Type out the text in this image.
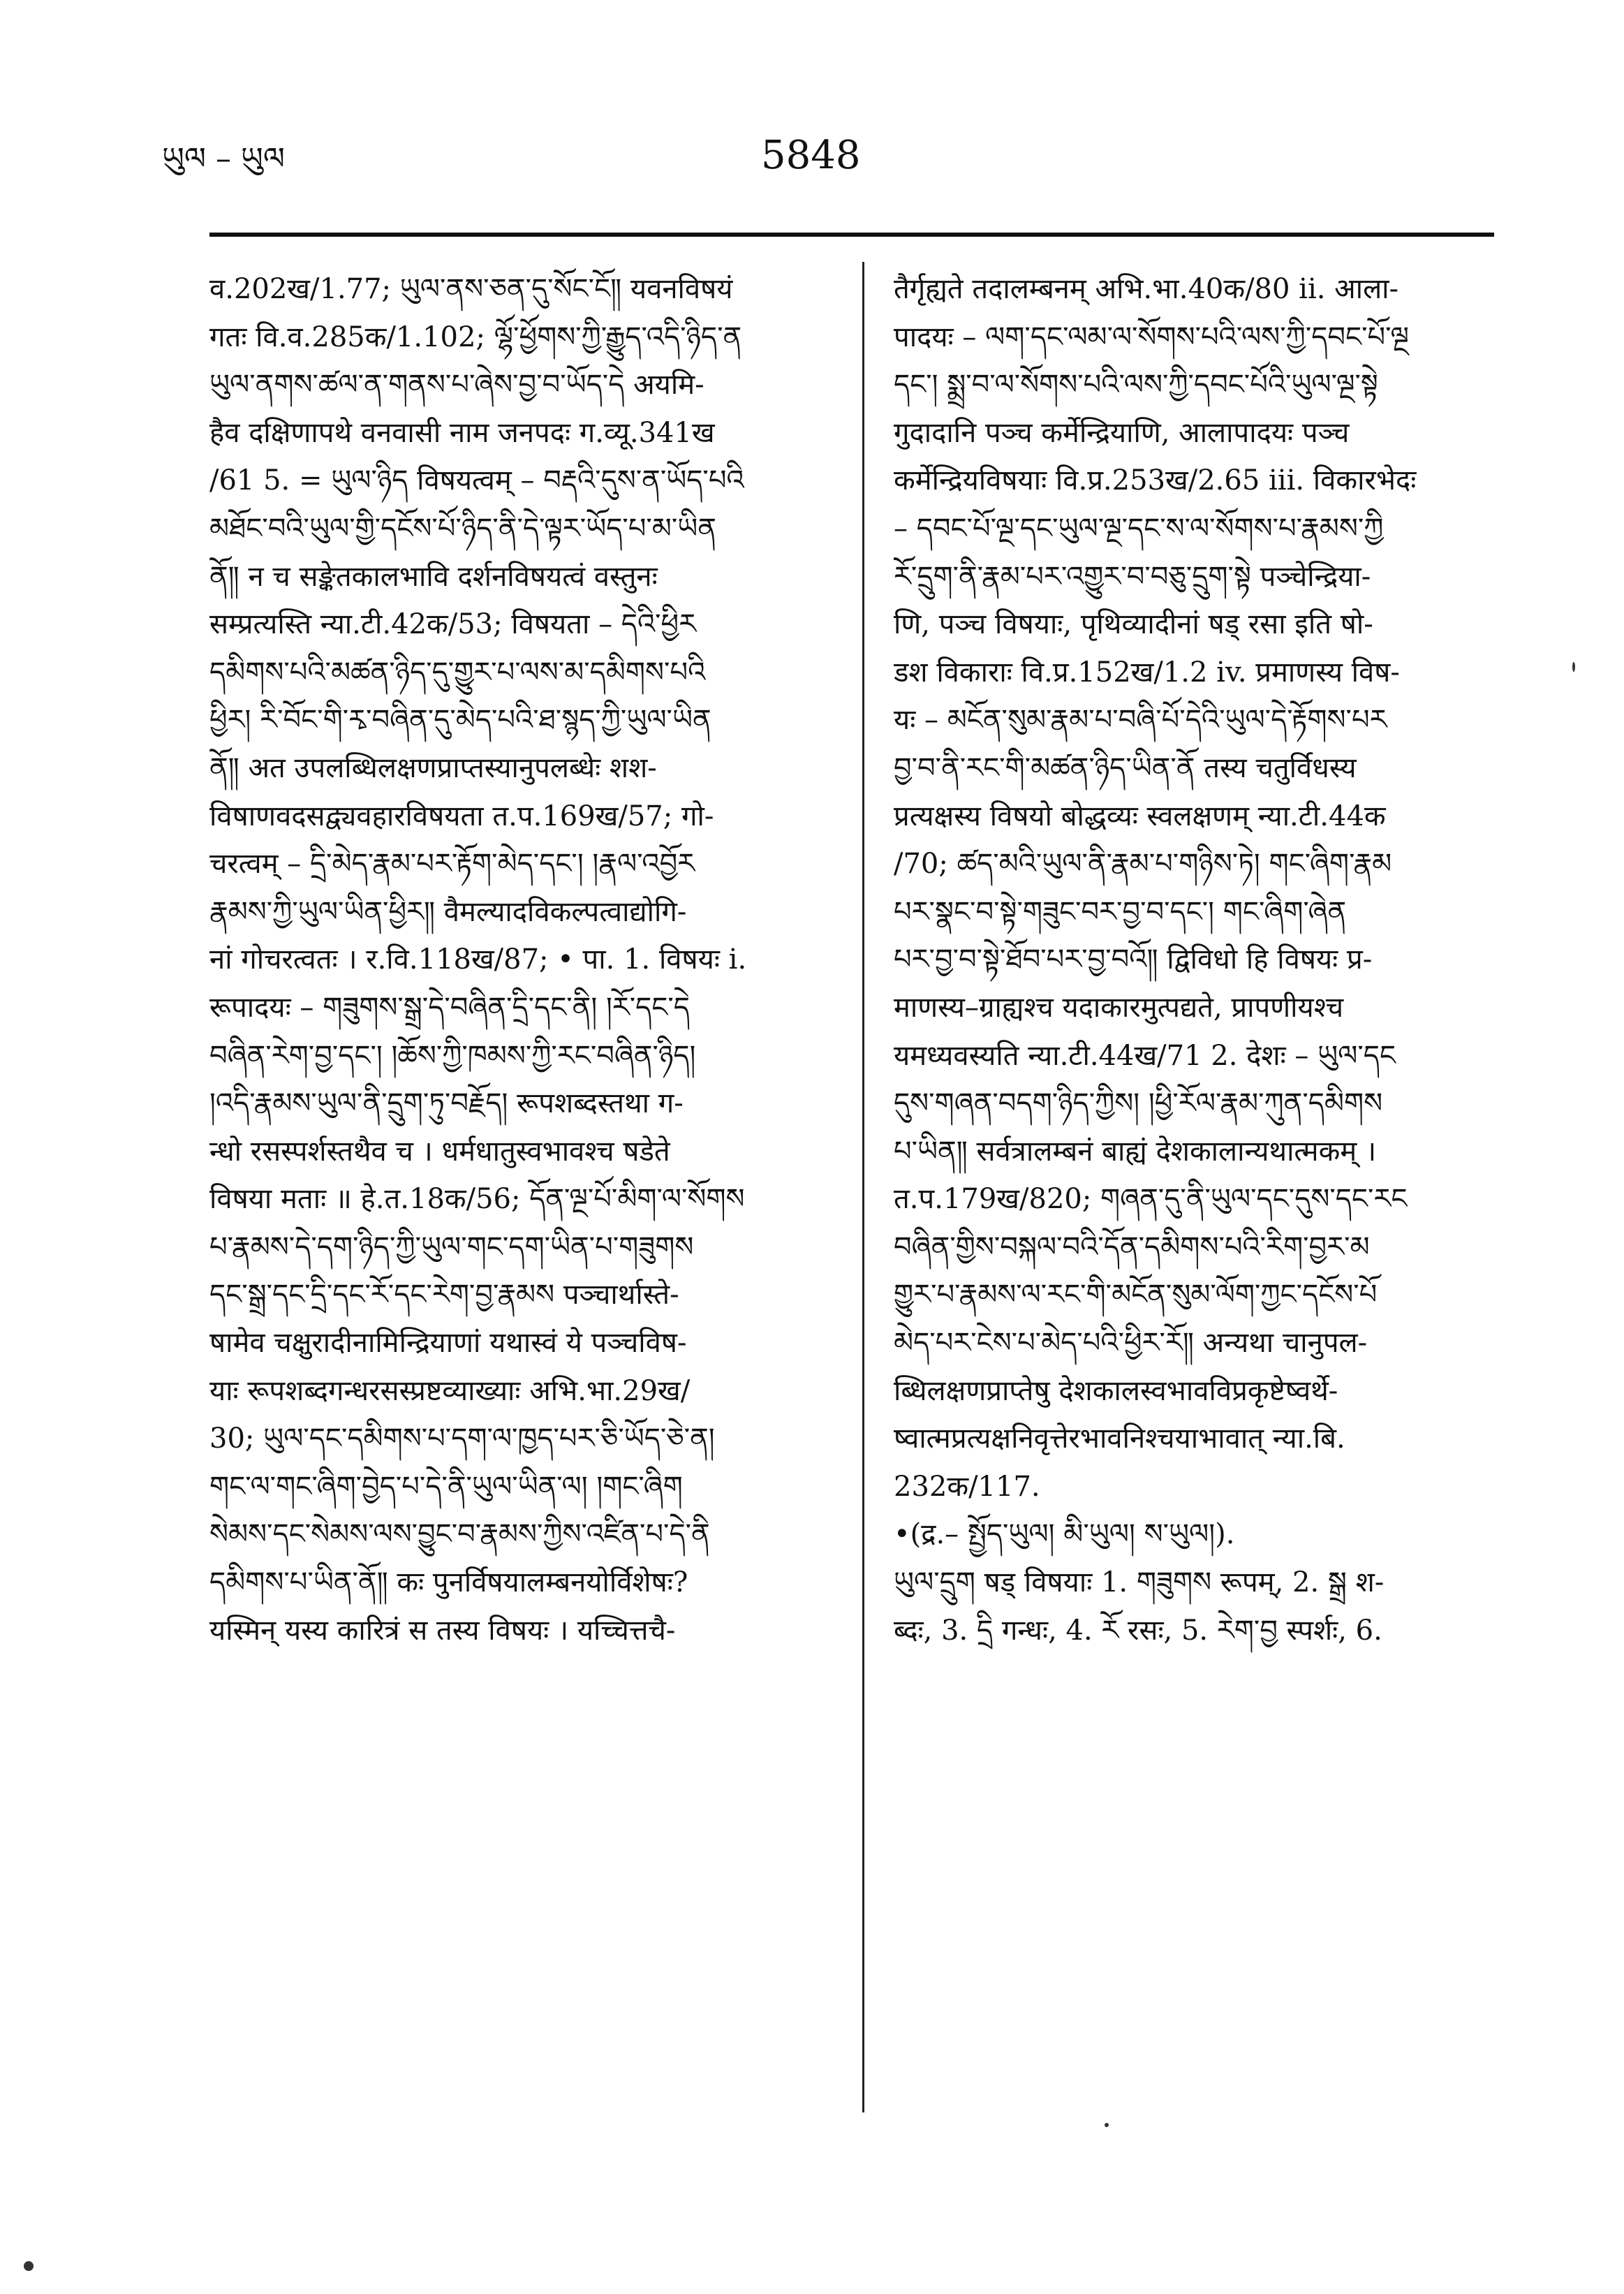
ཡུལ – ཡུལ	5848
व.202ख/1.77; ཡུལ་ནས་ཅན་དུ་སོང་ངོ༎ यवनविषयं
गतः वि.व.285क/1.102; ལྷོ་ཕྱོགས་ཀྱི་རྒྱུད་འདི་ཉིད་ན
ཡུལ་ནགས་ཚལ་ན་གནས་པ་ཞེས་བྱ་བ་ཡོད་དེ अयमि-
हैव दक्षिणापथे वनवासी नाम जनपदः ग.व्यू.341ख
/61 5. = ཡུལ་ཉིད विषयत्वम् – བརྡའི་དུས་ན་ཡོད་པའི
མཐོང་བའི་ཡུལ་གྱི་དངོས་པོ་ཉིད་ནི་དེ་ལྟར་ཡོད་པ་མ་ཡིན
ནོ༎ न च सङ्केतकालभावि दर्शनविषयत्वं वस्तुनः
सम्प्रत्यस्ति न्या.टी.42क/53; विषयता – དེའི་ཕྱིར
དམིགས་པའི་མཚན་ཉིད་དུ་གྱུར་པ་ལས་མ་དམིགས་པའི
ཕྱིར། རི་བོང་གི་རྭ་བཞིན་དུ་མེད་པའི་ཐ་སྙད་ཀྱི་ཡུལ་ཡིན
ནོ༎ अत उपलब्धिलक्षणप्राप्तस्यानुपलब्धेः शश-
विषाणवदसद्व्यवहारविषयता त.प.169ख/57; गो-
चरत्वम् – དྲི་མེད་རྣམ་པར་རྟོག་མེད་དང་། །རྣལ་འབྱོར
རྣམས་ཀྱི་ཡུལ་ཡིན་ཕྱིར༎ वैमल्यादविकल्पत्वाद्योगि-
नां गोचरत्वतः । र.वि.118ख/87; • पा. 1. विषयः i.
रूपादयः – གཟུགས་སྒྲ་དེ་བཞིན་དྲི་དང་ནི། །རོ་དང་དེ
བཞིན་རེག་བྱ་དང་། །ཆོས་ཀྱི་ཁམས་ཀྱི་རང་བཞིན་ཉིད།
།འདི་རྣམས་ཡུལ་ནི་དྲུག་ཏུ་བརྗོད། रूपशब्दस्तथा ग-
न्धो रसस्पर्शस्तथैव च । धर्मधातुस्वभावश्च षडेते
विषया मताः ॥ हे.त.18क/56; དོན་ལྔ་པོ་མིག་ལ་སོགས
པ་རྣམས་དེ་དག་ཉིད་ཀྱི་ཡུལ་གང་དག་ཡིན་པ་གཟུགས
དང་སྒྲ་དང་དྲི་དང་རོ་དང་རེག་བྱ་རྣམས पञ्चार्थास्ते-
षामेव चक्षुरादीनामिन्द्रियाणां यथास्वं ये पञ्चविष-
याः रूपशब्दगन्धरसस्प्रष्टव्याख्याः अभि.भा.29ख/
30; ཡུལ་དང་དམིགས་པ་དག་ལ་ཁྱད་པར་ཅི་ཡོད་ཅེ་ན།
གང་ལ་གང་ཞིག་བྱེད་པ་དེ་ནི་ཡུལ་ཡིན་ལ། །གང་ཞིག
སེམས་དང་སེམས་ལས་བྱུང་བ་རྣམས་ཀྱིས་འཛིན་པ་དེ་ནི
དམིགས་པ་ཡིན་ནོ༎ कः पुनर्विषयालम्बनयोर्विशेषः?
यस्मिन् यस्य कारित्रं स तस्य विषयः । यच्चित्तचै-
तैर्गृह्यते तदालम्बनम् अभि.भा.40क/80 ii. आला-
पादयः – ལག་དང་ལམ་ལ་སོགས་པའི་ལས་ཀྱི་དབང་པོ་ལྔ
དང་། སྨྲ་བ་ལ་སོགས་པའི་ལས་ཀྱི་དབང་པོའི་ཡུལ་ལྔ་སྟེ
गुदादानि पञ्च कर्मेन्द्रियाणि, आलापादयः पञ्च
कर्मेन्द्रियविषयाः वि.प्र.253ख/2.65 iii. विकारभेदः
– དབང་པོ་ལྔ་དང་ཡུལ་ལྔ་དང་ས་ལ་སོགས་པ་རྣམས་ཀྱི
རོ་དྲུག་ནི་རྣམ་པར་འགྱུར་བ་བཅུ་དྲུག་སྟེ पञ्चेन्द्रिया-
णि, पञ्च विषयाः, पृथिव्यादीनां षड् रसा इति षो-
डश विकाराः वि.प्र.152ख/1.2 iv. प्रमाणस्य विष-
यः – མངོན་སུམ་རྣམ་པ་བཞི་པོ་དེའི་ཡུལ་དེ་རྟོགས་པར
བྱ་བ་ནི་རང་གི་མཚན་ཉིད་ཡིན་ནོ तस्य चतुर्विधस्य
प्रत्यक्षस्य विषयो बोद्धव्यः स्वलक्षणम् न्या.टी.44क
/70; ཚད་མའི་ཡུལ་ནི་རྣམ་པ་གཉིས་ཏེ། གང་ཞིག་རྣམ
པར་སྣང་བ་སྟེ་གཟུང་བར་བྱ་བ་དང་། གང་ཞིག་ཞེན
པར་བྱ་བ་སྟེ་ཐོབ་པར་བྱ་བའོ༎ द्विविधो हि विषयः प्र-
माणस्य–ग्राह्यश्च यदाकारमुत्पद्यते, प्रापणीयश्च
यमध्यवस्यति न्या.टी.44ख/71 2. देशः – ཡུལ་དང
དུས་གཞན་བདག་ཉིད་ཀྱིས། །ཕྱི་རོལ་རྣམ་ཀུན་དམིགས
པ་ཡིན༎ सर्वत्रालम्बनं बाह्यं देशकालान्यथात्मकम् ।
त.प.179ख/820; གཞན་དུ་ནི་ཡུལ་དང་དུས་དང་རང
བཞིན་གྱིས་བསྐལ་བའི་དོན་དམིགས་པའི་རིག་བྱར་མ
གྱུར་པ་རྣམས་ལ་རང་གི་མངོན་སུམ་ལོག་ཀྱང་དངོས་པོ
མེད་པར་ངེས་པ་མེད་པའི་ཕྱིར་རོ༎ अन्यथा चानुपल-
ब्धिलक्षणप्राप्तेषु देशकालस्वभावविप्रकृष्टेष्वर्थे-
ष्वात्मप्रत्यक्षनिवृत्तेरभावनिश्चयाभावात् न्या.बि.
232क/117.
•(द्र.– སྤྱོད་ཡུལ། མི་ཡུལ། ས་ཡུལ།).
ཡུལ་དྲུག षड् विषयाः 1. གཟུགས रूपम्, 2. སྒྲ श-
ब्दः, 3. དྲི गन्धः, 4. རོ रसः, 5. རེག་བྱ स्पर्शः, 6.
